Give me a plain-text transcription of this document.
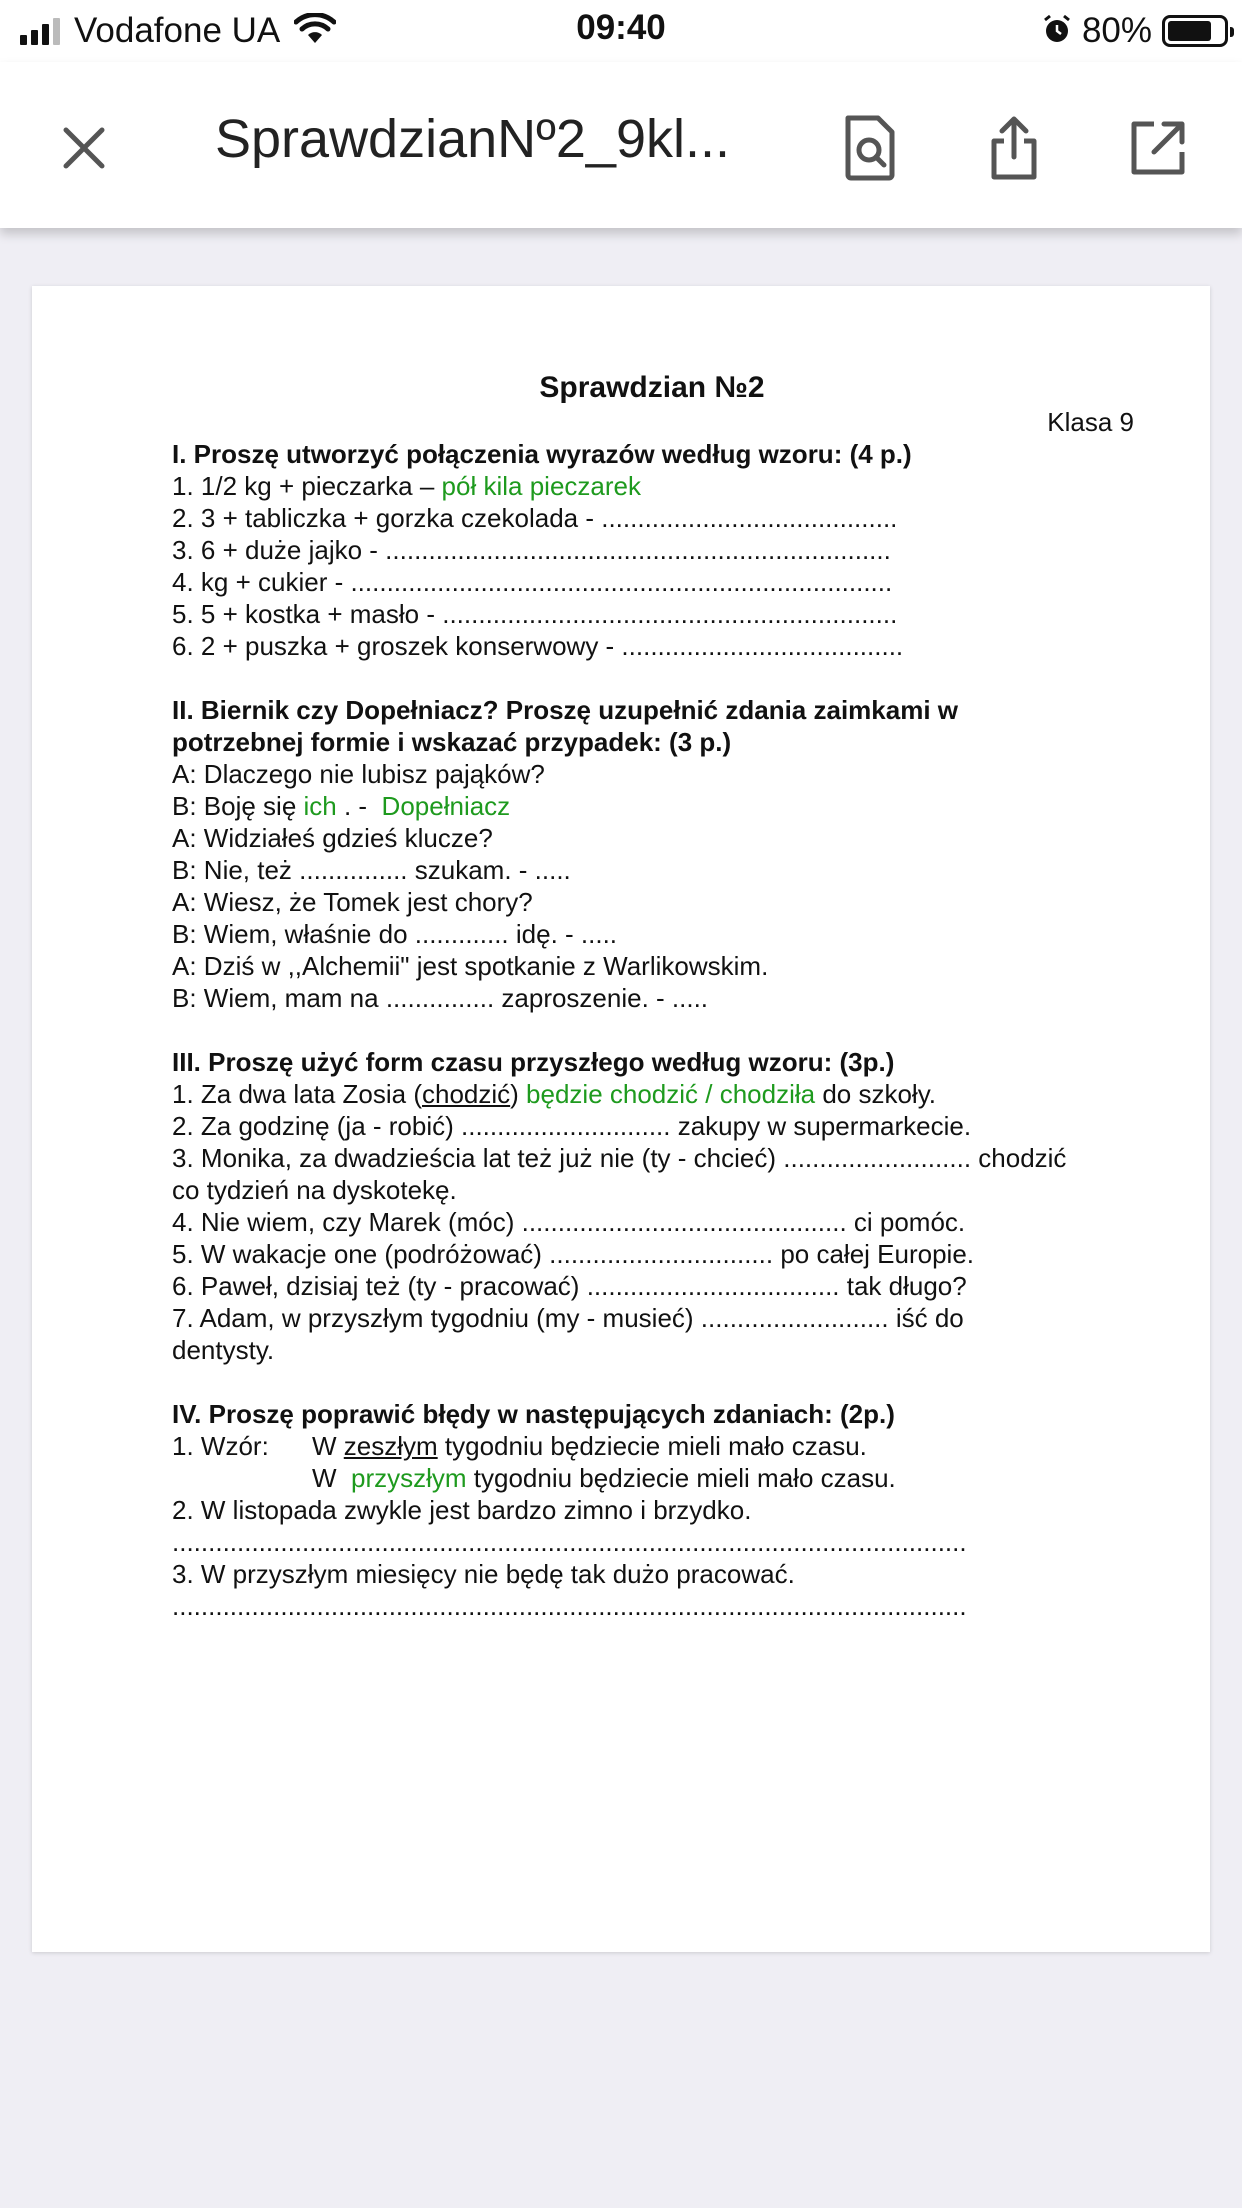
Vodafone UA	09:40	80%
SprawdzianNº2_9kl...
Sprawdzian №2
Klasa 9
I. Proszę utworzyć połączenia wyrazów według wzoru: (4 p.)
1. 1/2 kg + pieczarka – pół kila pieczarek
2. 3 + tabliczka + gorzka czekolada - .........................................
3. 6 + duże jajko - ......................................................................
4. kg + cukier - ...........................................................................
5. 5 + kostka + masło - ...............................................................
6. 2 + puszka + groszek konserwowy - .......................................
II. Biernik czy Dopełniacz? Proszę uzupełnić zdania zaimkami w
potrzebnej formie i wskazać przypadek: (3 p.)
A: Dlaczego nie lubisz pająków?
B: Boję się ich . -  Dopełniacz
A: Widziałeś gdzieś klucze?
B: Nie, też ............... szukam. - .....
A: Wiesz, że Tomek jest chory?
B: Wiem, właśnie do ............. idę. - .....
A: Dziś w ,,Alchemii" jest spotkanie z Warlikowskim.
B: Wiem, mam na ............... zaproszenie. - .....
III. Proszę użyć form czasu przyszłego według wzoru: (3p.)
1. Za dwa lata Zosia (chodzić) będzie chodzić / chodziła do szkoły.
2. Za godzinę (ja - robić) ............................. zakupy w supermarkecie.
3. Monika, za dwadzieścia lat też już nie (ty - chcieć) .......................... chodzić
co tydzień na dyskotekę.
4. Nie wiem, czy Marek (móc) ............................................. ci pomóc.
5. W wakacje one (podróżować) ............................... po całej Europie.
6. Paweł, dzisiaj też (ty - pracować) ................................... tak długo?
7. Adam, w przyszłym tygodniu (my - musieć) .......................... iść do
dentysty.
IV. Proszę poprawić błędy w następujących zdaniach: (2p.)
1. Wzór: W zeszłym tygodniu będziecie mieli mało czasu.
W  przyszłym tygodniu będziecie mieli mało czasu.
2. W listopada zwykle jest bardzo zimno i brzydko.
..............................................................................................................
3. W przyszłym miesięcy nie będę tak dużo pracować.
..............................................................................................................
